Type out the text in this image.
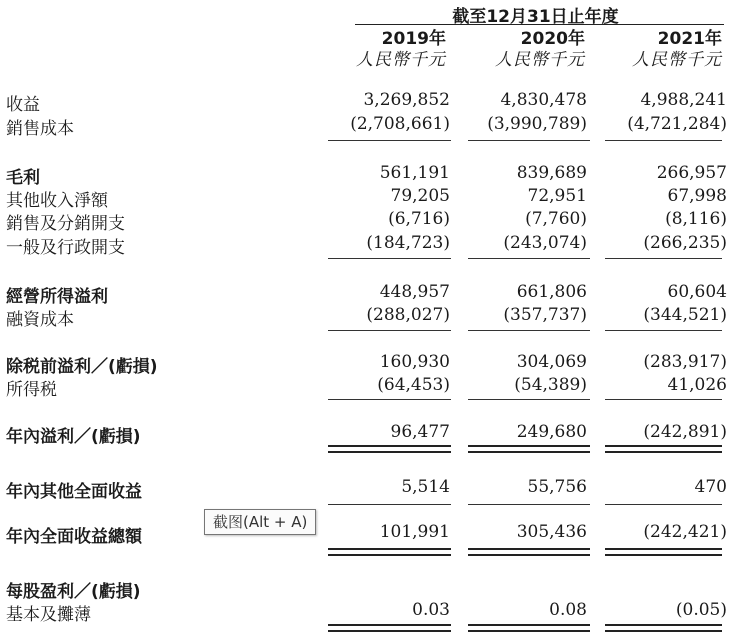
截至12月31日止年度
2019年	2020年	2021年
人民幣千元	人民幣千元	人民幣千元
收益	3,269,852	4,830,478	4,988,241
銷售成本	(2,708,661)	(3,990,789)	(4,721,284)
毛利	561,191	839,689	266,957
其他收入淨額	79,205	72,951	67,998
銷售及分銷開支	(6,716)	(7,760)	(8,116)
一般及行政開支	(184,723)	(243,074)	(266,235)
經營所得溢利	448,957	661,806	60,604
融資成本	(288,027)	(357,737)	(344,521)
除税前溢利／(虧損)	160,930	304,069	(283,917)
所得税	(64,453)	(54,389)	41,026
年內溢利／(虧損)	96,477	249,680	(242,891)
年內其他全面收益	5,514	55,756	470
年內全面收益總額	101,991	305,436	(242,421)
每股盈利／(虧損)
基本及攤薄	0.03	0.08	(0.05)
截图(Alt + A)
